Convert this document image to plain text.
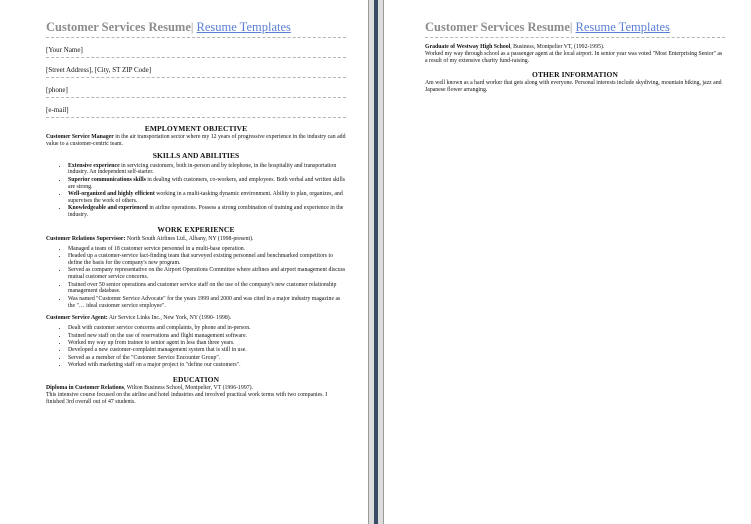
Customer Services Resume| Resume Templates
[Your Name]
[Street Address], [City, ST ZIP Code]
[phone]
[e-mail]
EMPLOYMENT OBJECTIVE

Customer Service Manager in the air transportation sector where my 12 years of progressive experience in the industry can add value to a customer-centric team.

SKILLS AND ABILITIES
• Extensive experience in servicing customers, both in-person and by telephone, in the hospitality and transportation industry. An independent self-starter.
• Superior communications skills in dealing with customers, co-workers, and employees. Both verbal and written skills are strong.
• Well-organized and highly efficient working in a multi-tasking dynamic environment. Ability to plan, organizes, and supervises the work of others.
• Knowledgeable and experienced in airline operations. Possess a strong combination of training and experience in the industry.
WORK EXPERIENCE

Customer Relations Supervisor: North South Airlines Ltd., Albany, NY (1998-present).

• Managed a team of 18 customer service personnel in a multi-base operation.
• Headed up a customer-service fact-finding team that surveyed existing personnel and benchmarked competitors to define the basis for the company's new program.
• Served as company representative on the Airport Operations Committee where airlines and airport management discuss mutual customer service concerns.
• Trained over 50 senior operations and customer service staff on the use of the company's new customer relationship management database.
• Was named "Customer Service Advocate" for the years 1999 and 2000 and was cited in a major industry magazine as the "… ideal customer service employee".

Customer Service Agent: Air Service Links Inc., New York, NY (1990- 1998).

• Dealt with customer service concerns and complaints, by phone and in-person.
• Trained new staff on the use of reservations and flight management software.
• Worked my way up from trainee to senior agent in less than three years.
• Developed a new customer-complaint management system that is still in use.
• Served as a member of the "Customer Service Encounter Group".
• Worked with marketing staff on a major project to "define our customers".
EDUCATION

Diploma in Customer Relations, Wilton Business School, Montpelier, VT (1996-1997).

This intensive course focused on the airline and hotel industries and involved practical work terms with two companies. I finished 3rd overall out of 47 students.

Customer Services Resume| Resume Templates

Graduate of Westway High School, Business, Montpelier VT, (1992-1995).

Worked my way through school as a passenger agent at the local airport. In senior year was voted "Most Enterprising Senior" as a result of my extensive charity fund-raising.

OTHER INFORMATION

Am well known as a hard worker that gets along with everyone. Personal interests include skydiving, mountain biking, jazz and Japanese flower arranging.
